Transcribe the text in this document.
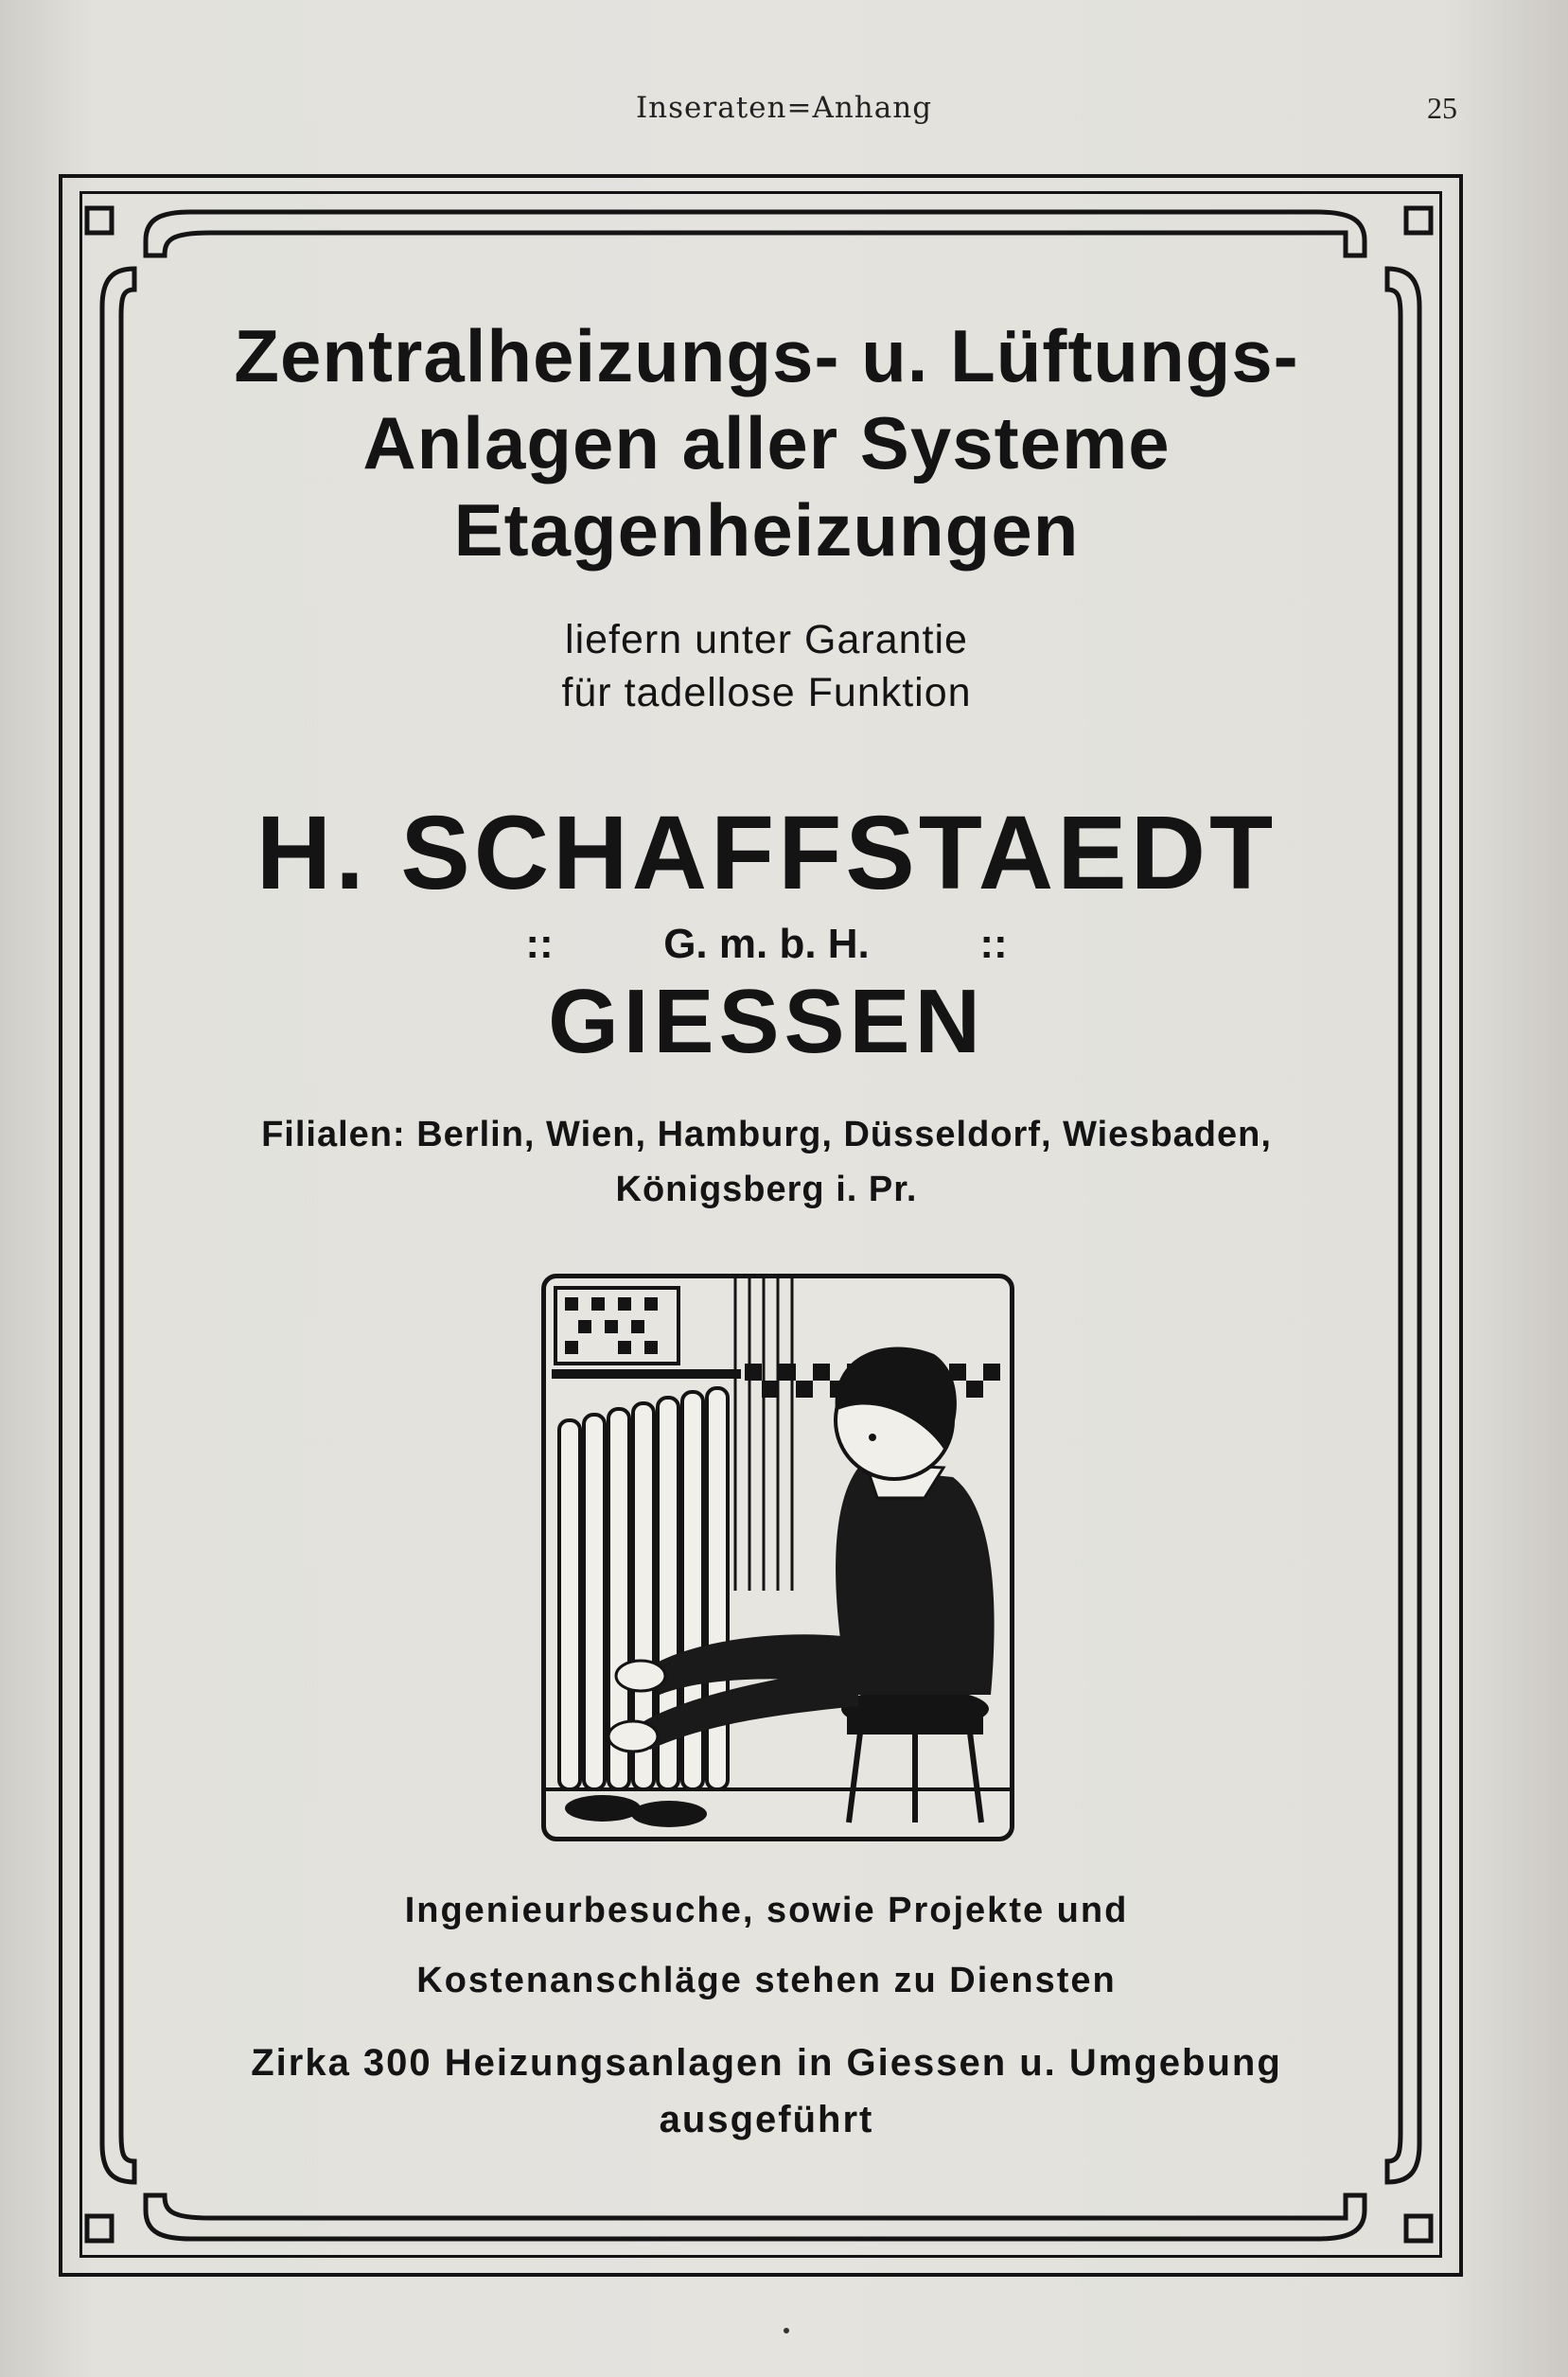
Inseraten=Anhang	25
Zentralheizungs- u. Lüftungs-
Anlagen aller Systeme
Etagenheizungen
liefern unter Garantie
für tadellose Funktion
H. SCHAFFSTAEDT
::	G. m. b. H.	::
GIESSEN
Filialen: Berlin, Wien, Hamburg, Düsseldorf, Wiesbaden,
Königsberg i. Pr.
Ingenieurbesuche, sowie Projekte und
Kostenanschläge stehen zu Diensten
Zirka 300 Heizungsanlagen in Giessen u. Umgebung
ausgeführt
